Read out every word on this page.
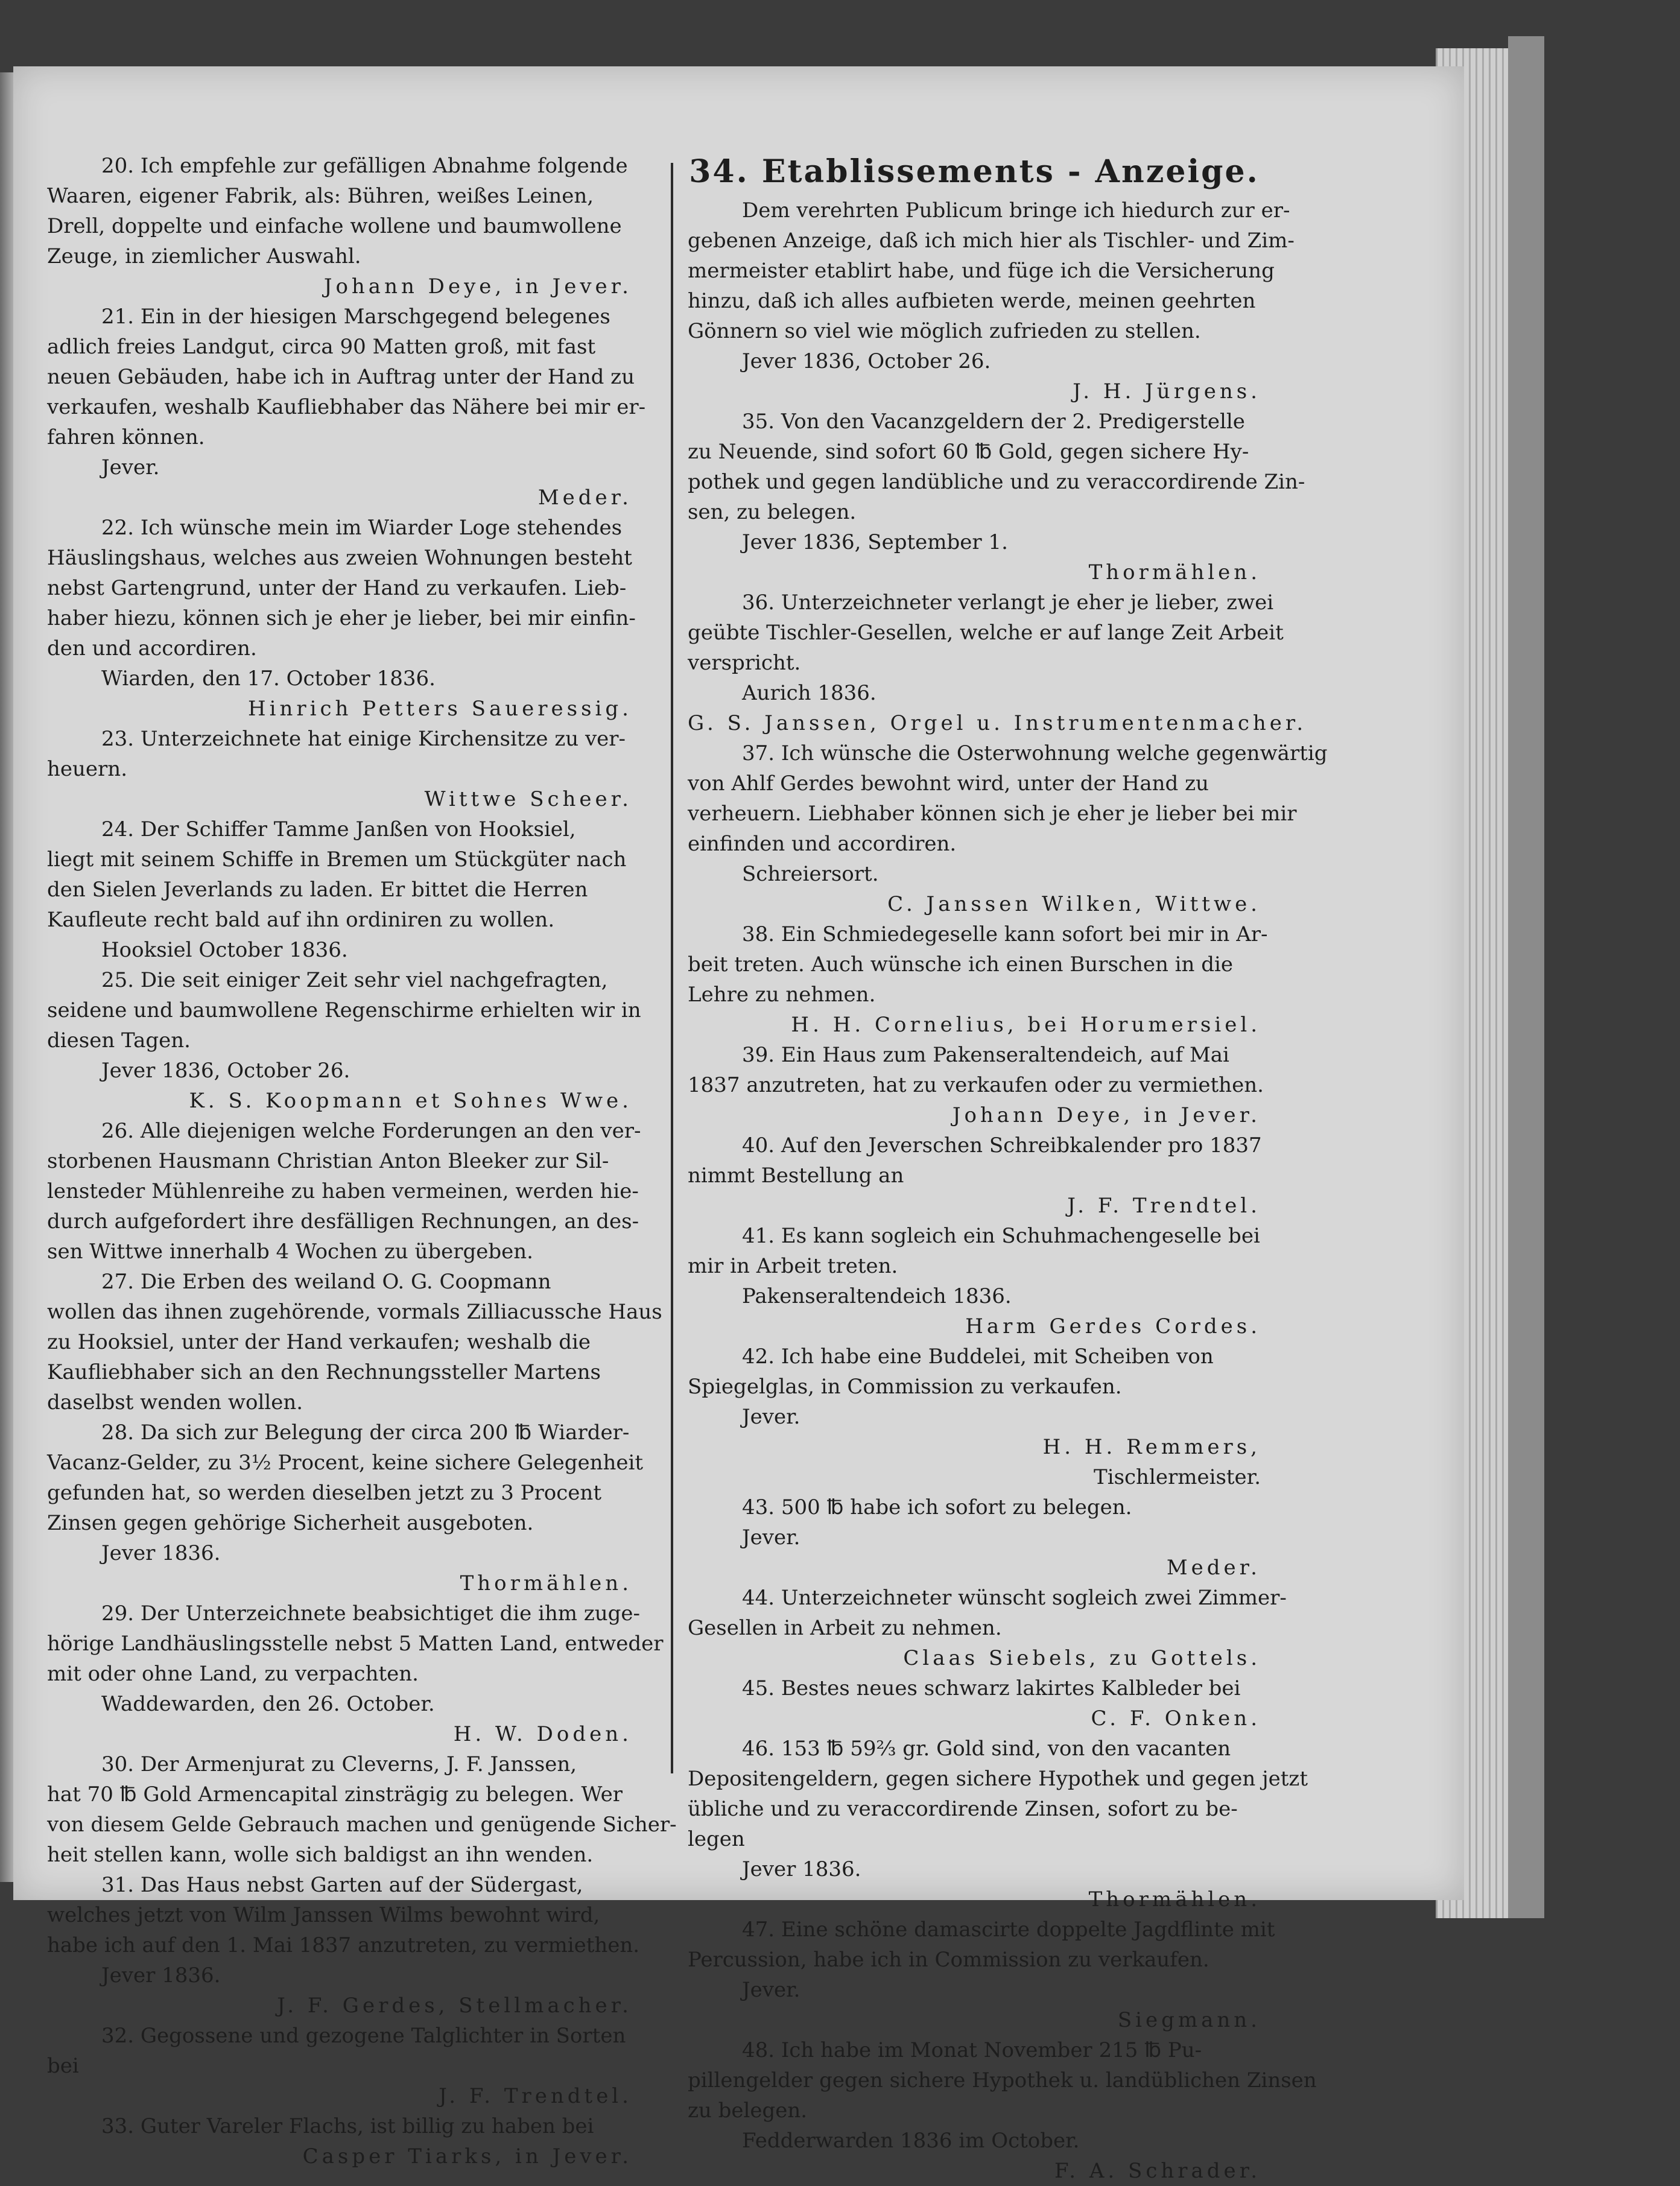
20. Ich empfehle zur gefälligen Abnahme folgende
Waaren, eigener Fabrik, als: Bühren, weißes Leinen,
Drell, doppelte und einfache wollene und baumwollene
Zeuge, in ziemlicher Auswahl.
Johann Deye, in Jever.
21. Ein in der hiesigen Marschgegend belegenes
adlich freies Landgut, circa 90 Matten groß, mit fast
neuen Gebäuden, habe ich in Auftrag unter der Hand zu
verkaufen, weshalb Kaufliebhaber das Nähere bei mir er-
fahren können.
Jever.
Meder.
22. Ich wünsche mein im Wiarder Loge stehendes
Häuslingshaus, welches aus zweien Wohnungen besteht
nebst Gartengrund, unter der Hand zu verkaufen. Lieb-
haber hiezu, können sich je eher je lieber, bei mir einfin-
den und accordiren.
Wiarden, den 17. October 1836.
Hinrich Petters Saueressig.
23. Unterzeichnete hat einige Kirchensitze zu ver-
heuern.
Wittwe Scheer.
24. Der Schiffer Tamme Janßen von Hooksiel,
liegt mit seinem Schiffe in Bremen um Stückgüter nach
den Sielen Jeverlands zu laden. Er bittet die Herren
Kaufleute recht bald auf ihn ordiniren zu wollen.
Hooksiel October 1836.
25. Die seit einiger Zeit sehr viel nachgefragten,
seidene und baumwollene Regenschirme erhielten wir in
diesen Tagen.
Jever 1836, October 26.
K. S. Koopmann et Sohnes Wwe.
26. Alle diejenigen welche Forderungen an den ver-
storbenen Hausmann Christian Anton Bleeker zur Sil-
lensteder Mühlenreihe zu haben vermeinen, werden hie-
durch aufgefordert ihre desfälligen Rechnungen, an des-
sen Wittwe innerhalb 4 Wochen zu übergeben.
27. Die Erben des weiland O. G. Coopmann
wollen das ihnen zugehörende, vormals Zilliacussche Haus
zu Hooksiel, unter der Hand verkaufen; weshalb die
Kaufliebhaber sich an den Rechnungssteller Martens
daselbst wenden wollen.
28. Da sich zur Belegung der circa 200 ℔ Wiarder-
Vacanz-Gelder, zu 3½ Procent, keine sichere Gelegenheit
gefunden hat, so werden dieselben jetzt zu 3 Procent
Zinsen gegen gehörige Sicherheit ausgeboten.
Jever 1836.
Thormählen.
29. Der Unterzeichnete beabsichtiget die ihm zuge-
hörige Landhäuslingsstelle nebst 5 Matten Land, entweder
mit oder ohne Land, zu verpachten.
Waddewarden, den 26. October.
H. W. Doden.
30. Der Armenjurat zu Cleverns, J. F. Janssen,
hat 70 ℔ Gold Armencapital zinsträgig zu belegen. Wer
von diesem Gelde Gebrauch machen und genügende Sicher-
heit stellen kann, wolle sich baldigst an ihn wenden.
31. Das Haus nebst Garten auf der Südergast,
welches jetzt von Wilm Janssen Wilms bewohnt wird,
habe ich auf den 1. Mai 1837 anzutreten, zu vermiethen.
Jever 1836.
J. F. Gerdes, Stellmacher.
32. Gegossene und gezogene Talglichter in Sorten
bei
J. F. Trendtel.
33. Guter Vareler Flachs, ist billig zu haben bei
Casper Tiarks, in Jever.
34. Etablissements - Anzeige.
Dem verehrten Publicum bringe ich hiedurch zur er-
gebenen Anzeige, daß ich mich hier als Tischler- und Zim-
mermeister etablirt habe, und füge ich die Versicherung
hinzu, daß ich alles aufbieten werde, meinen geehrten
Gönnern so viel wie möglich zufrieden zu stellen.
Jever 1836, October 26.
J. H. Jürgens.
35. Von den Vacanzgeldern der 2. Predigerstelle
zu Neuende, sind sofort 60 ℔ Gold, gegen sichere Hy-
pothek und gegen landübliche und zu veraccordirende Zin-
sen, zu belegen.
Jever 1836, September 1.
Thormählen.
36. Unterzeichneter verlangt je eher je lieber, zwei
geübte Tischler-Gesellen, welche er auf lange Zeit Arbeit
verspricht.
Aurich 1836.
G. S. Janssen, Orgel u. Instrumentenmacher.
37. Ich wünsche die Osterwohnung welche gegenwärtig
von Ahlf Gerdes bewohnt wird, unter der Hand zu
verheuern. Liebhaber können sich je eher je lieber bei mir
einfinden und accordiren.
Schreiersort.
C. Janssen Wilken, Wittwe.
38. Ein Schmiedegeselle kann sofort bei mir in Ar-
beit treten. Auch wünsche ich einen Burschen in die
Lehre zu nehmen.
H. H. Cornelius, bei Horumersiel.
39. Ein Haus zum Pakenseraltendeich, auf Mai
1837 anzutreten, hat zu verkaufen oder zu vermiethen.
Johann Deye, in Jever.
40. Auf den Jeverschen Schreibkalender pro 1837
nimmt Bestellung an
J. F. Trendtel.
41. Es kann sogleich ein Schuhmachengeselle bei
mir in Arbeit treten.
Pakenseraltendeich 1836.
Harm Gerdes Cordes.
42. Ich habe eine Buddelei, mit Scheiben von
Spiegelglas, in Commission zu verkaufen.
Jever.
H. H. Remmers,
Tischlermeister.
43. 500 ℔ habe ich sofort zu belegen.
Jever.
Meder.
44. Unterzeichneter wünscht sogleich zwei Zimmer-
Gesellen in Arbeit zu nehmen.
Claas Siebels, zu Gottels.
45. Bestes neues schwarz lakirtes Kalbleder bei
C. F. Onken.
46. 153 ℔ 59⅔ gr. Gold sind, von den vacanten
Depositengeldern, gegen sichere Hypothek und gegen jetzt
übliche und zu veraccordirende Zinsen, sofort zu be-
legen
Jever 1836.
Thormählen.
47. Eine schöne damascirte doppelte Jagdflinte mit
Percussion, habe ich in Commission zu verkaufen.
Jever.
Siegmann.
48. Ich habe im Monat November 215 ℔ Pu-
pillengelder gegen sichere Hypothek u. landüblichen Zinsen
zu belegen.
Fedderwarden 1836 im October.
F. A. Schrader.
